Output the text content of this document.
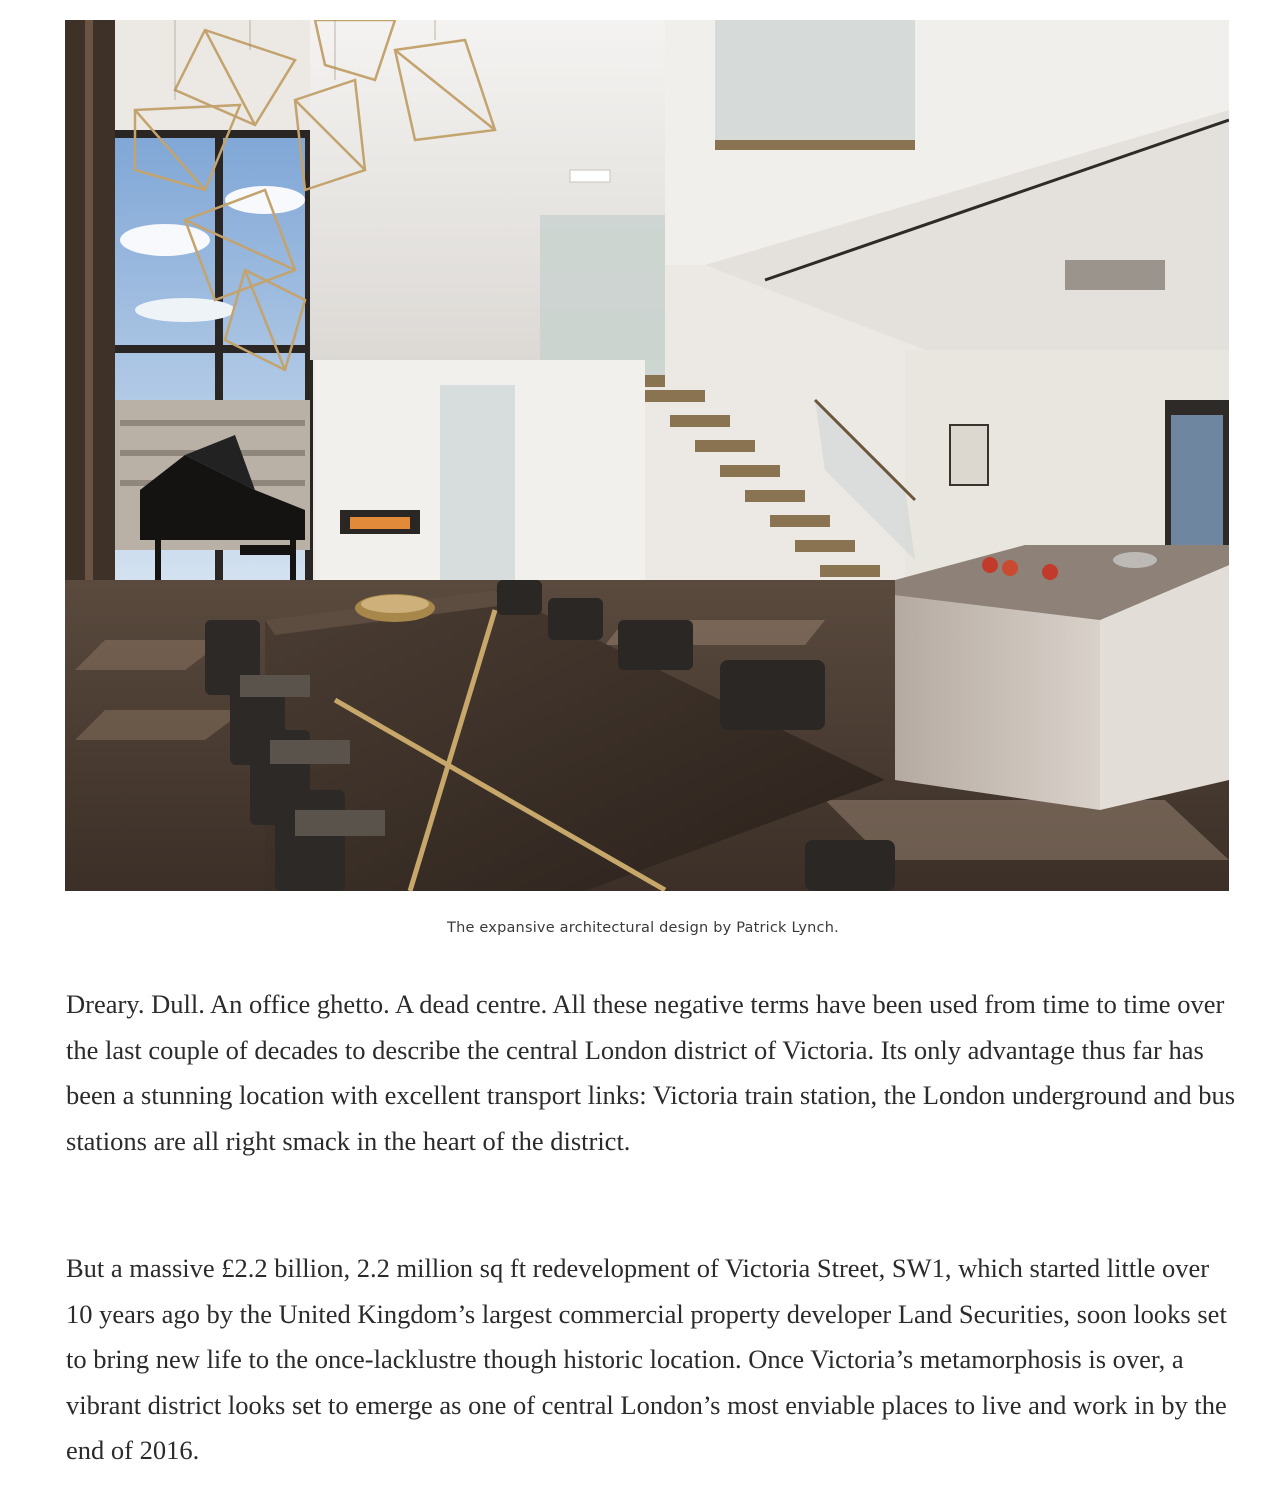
The expansive architectural design by Patrick Lynch.

Dreary. Dull. An office ghetto. A dead centre. All these negative terms have been used from time to time over the last couple of decades to describe the central London district of Victoria. Its only advantage thus far has been a stunning location with excellent transport links: Victoria train station, the London underground and bus stations are all right smack in the heart of the district.

But a massive £2.2 billion, 2.2 million sq ft redevelopment of Victoria Street, SW1, which started little over 10 years ago by the United Kingdom’s largest commercial property developer Land Securities, soon looks set to bring new life to the once-lacklustre though historic location. Once Victoria’s metamorphosis is over, a vibrant district looks set to emerge as one of central London’s most enviable places to live and work in by the end of 2016.
